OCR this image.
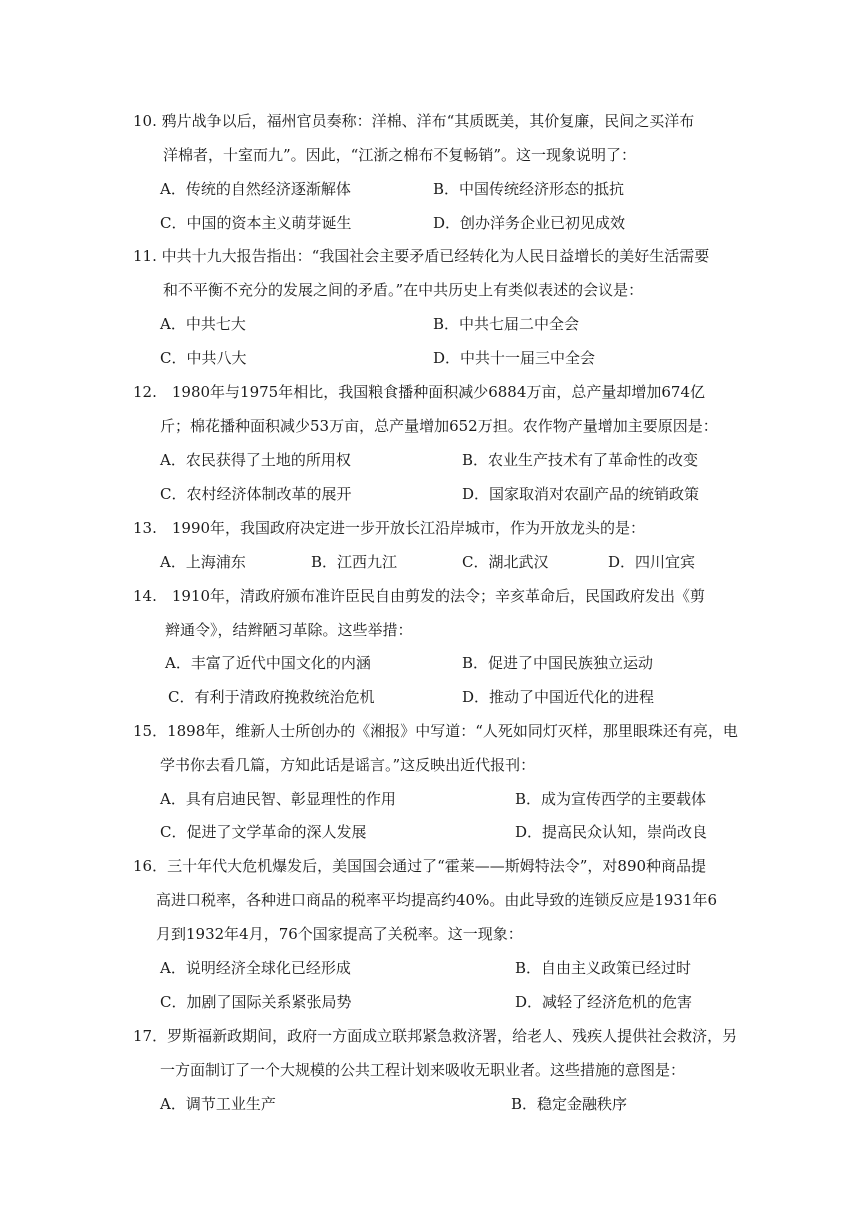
10. 鸦片战争以后，福州官员奏称：洋棉、洋布“其质既美，其价复廉，民间之买洋布
洋棉者，十室而九”。因此，“江浙之棉布不复畅销”。这一现象说明了：
A．传统的自然经济逐渐解体	B．中国传统经济形态的抵抗
C．中国的资本主义萌芽诞生	D．创办洋务企业已初见成效
11. 中共十九大报告指出：“我国社会主要矛盾已经转化为人民日益增长的美好生活需要
和不平衡不充分的发展之间的矛盾。”在中共历史上有类似表述的会议是：
A．中共七大	B．中共七届二中全会
C．中共八大	D．中共十一届三中全会
12.　1980年与1975年相比，我国粮食播种面积减少6884万亩，总产量却增加674亿
斤；棉花播种面积减少53万亩，总产量增加652万担。农作物产量增加主要原因是：
A．农民获得了土地的所用权	B．农业生产技术有了革命性的改变
C．农村经济体制改革的展开	D．国家取消对农副产品的统销政策
13.　1990年，我国政府决定进一步开放长江沿岸城市，作为开放龙头的是：
A．上海浦东	B．江西九江	C．湖北武汉	D．四川宜宾
14.　1910年，清政府颁布准许臣民自由剪发的法令；辛亥革命后，民国政府发出《剪
辫通令》，结辫陋习革除。这些举措：
A．丰富了近代中国文化的内涵	B．促进了中国民族独立运动
C．有利于清政府挽救统治危机	D．推动了中国近代化的进程
15．1898年，维新人士所创办的《湘报》中写道：“人死如同灯灭样，那里眼珠还有亮，电
学书你去看几篇，方知此话是谣言。”这反映出近代报刊：
A．具有启迪民智、彰显理性的作用	B．成为宣传西学的主要载体
C．促进了文学革命的深人发展	D．提高民众认知，崇尚改良
16．三十年代大危机爆发后，美国国会通过了“霍莱——斯姆特法令”，对890种商品提
高进口税率，各种进口商品的税率平均提高约40%。由此导致的连锁反应是1931年6
月到1932年4月，76个国家提高了关税率。这一现象：
A．说明经济全球化已经形成	B．自由主义政策已经过时
C．加剧了国际关系紧张局势	D．减轻了经济危机的危害
17．罗斯福新政期间，政府一方面成立联邦紧急救济署，给老人、残疾人提供社会救济，另
一方面制订了一个大规模的公共工程计划来吸收无职业者。这些措施的意图是：
A．调节工业生产	B．稳定金融秩序
